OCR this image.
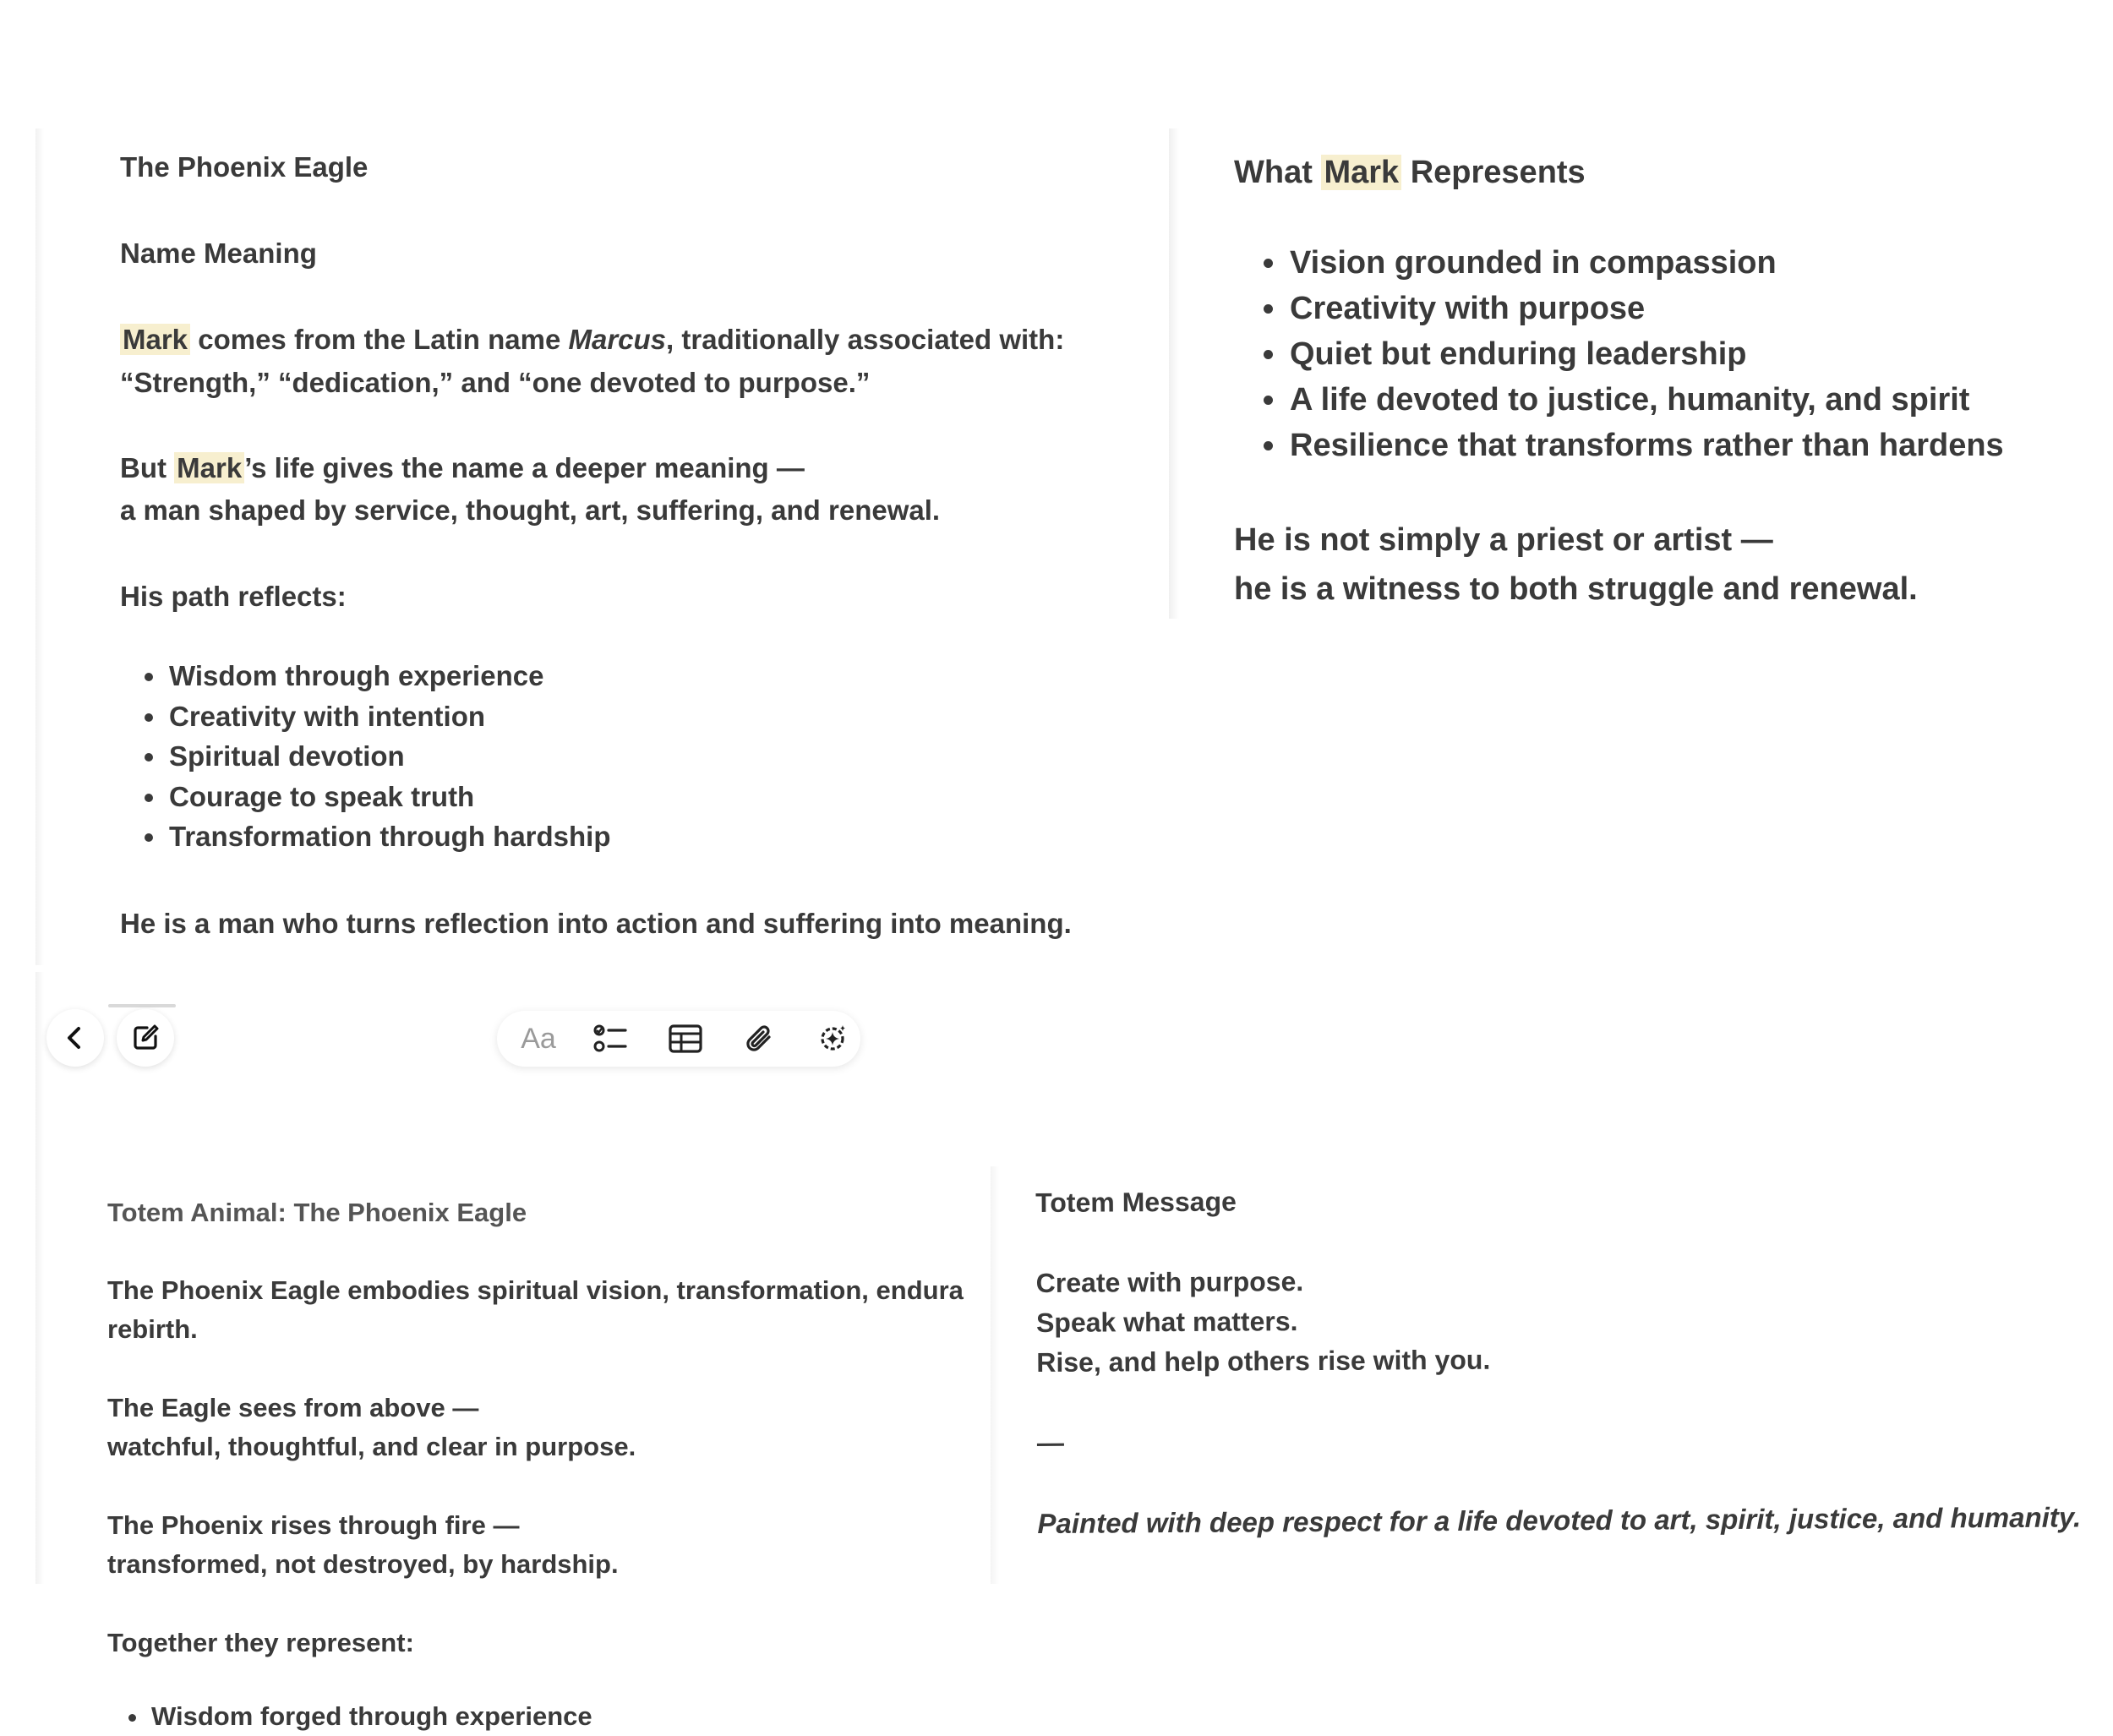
The Phoenix Eagle

Name Meaning

Mark comes from the Latin name Marcus, traditionally associated with:

“Strength,” “dedication,” and “one devoted to purpose.”

But Mark’s life gives the name a deeper meaning —

a man shaped by service, thought, art, suffering, and renewal.

His path reflects:

• Wisdom through experience
• Creativity with intention
• Spiritual devotion
• Courage to speak truth
• Transformation through hardship

He is a man who turns reflection into action and suffering into meaning.

What Mark Represents

• Vision grounded in compassion
• Creativity with purpose
• Quiet but enduring leadership
• A life devoted to justice, humanity, and spirit
• Resilience that transforms rather than hardens

He is not simply a priest or artist —

he is a witness to both struggle and renewal.

Totem Animal: The Phoenix Eagle

The Phoenix Eagle embodies spiritual vision, transformation, endura

rebirth.

The Eagle sees from above —

watchful, thoughtful, and clear in purpose.

The Phoenix rises through fire —

transformed, not destroyed, by hardship.

Together they represent:

• Wisdom forged through experience
Aa

Totem Message

Create with purpose.

Speak what matters.

Rise, and help others rise with you.

—

Painted with deep respect for a life devoted to art, spirit, justice, and humanity.
